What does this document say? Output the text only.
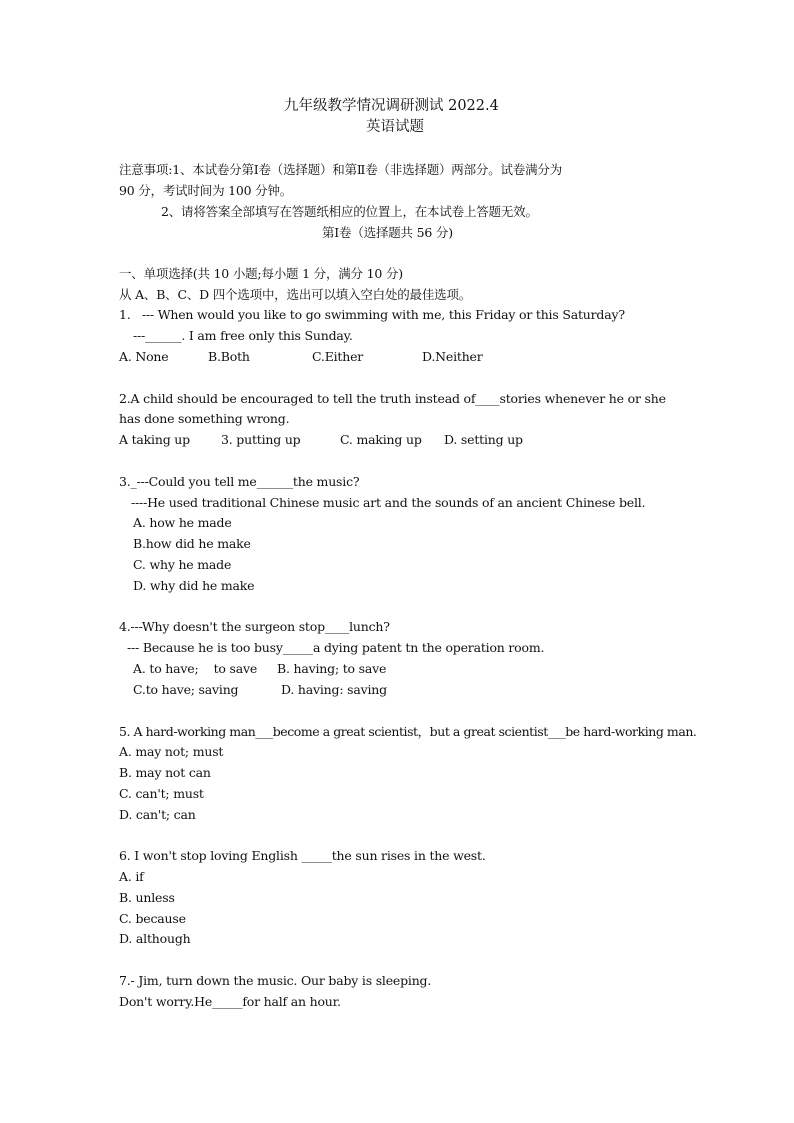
九年级教学情况调研测试 2022.4
英语试题
注意事项:1、本试卷分第Ⅰ卷（选择题）和第Ⅱ卷（非选择题）两部分。试卷满分为
90 分，考试时间为 100 分钟。
2、请将答案全部填写在答题纸相应的位置上，在本试卷上答题无效。
第Ⅰ卷（选择题共 56 分)
一、单项选择(共 10 小题;每小题 1 分，满分 10 分)
从 A、B、C、D 四个选项中，选出可以填入空白处的最佳选项。
1.   --- When would you like to go swimming with me, this Friday or this Saturday?
---______. I am free only this Sunday.
A. None	B.Both	C.Either	D.Neither
2.A child should be encouraged to tell the truth instead of____stories whenever he or she
has done something wrong.
A taking up 3. putting up	C. making up D. setting up
3._---Could you tell me______the music?
----He used traditional Chinese music art and the sounds of an ancient Chinese bell.
A. how he made
B.how did he make
C. why he made
D. why did he make
4.---Why doesn't the surgeon stop____lunch?
--- Because he is too busy_____a dying patent tn the operation room.
A. to have;    to save B. having; to save
C.to have; saving	D. having: saving
5. A hard-working man___become a great scientist，but a great scientist___be hard-working man.
A. may not; must
B. may not can
C. can't; must
D. can't; can
6. I won't stop loving English _____the sun rises in the west.
A. if
B. unless
C. because
D. although
7.- Jim, turn down the music. Our baby is sleeping.
Don't worry.He_____for half an hour.
